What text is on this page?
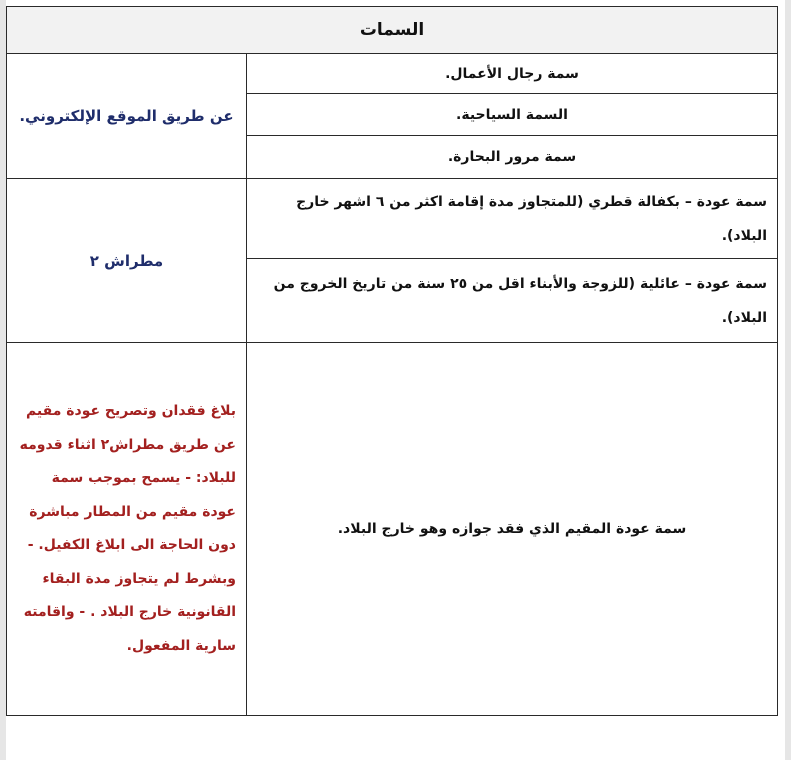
السمات	
سمة رجال الأعمال.	عن طريق الموقع الإلكتروني.
السمة السياحية.	
سمة مرور البحارة.	
سمة عودة – بكفالة قطري (للمتجاوز مدة إقامة اكثر من ٦ اشهر خارج البلاد).	مطراش ٢
سمة عودة – عائلية (للزوجة والأبناء اقل من ٢٥ سنة من تاريخ الخروج من البلاد).	
سمة عودة المقيم الذي فقد جوازه وهو خارج البلاد.	بلاغ فقدان وتصريح عودة مقيم عن طريق مطراش٢ اثناء قدومه للبلاد: - يسمح بموجب سمة عودة مقيم من المطار مباشرة دون الحاجة الى ابلاغ الكفيل. - وبشرط لم يتجاوز مدة البقاء القانونية خارج البلاد . - واقامته سارية المفعول.
